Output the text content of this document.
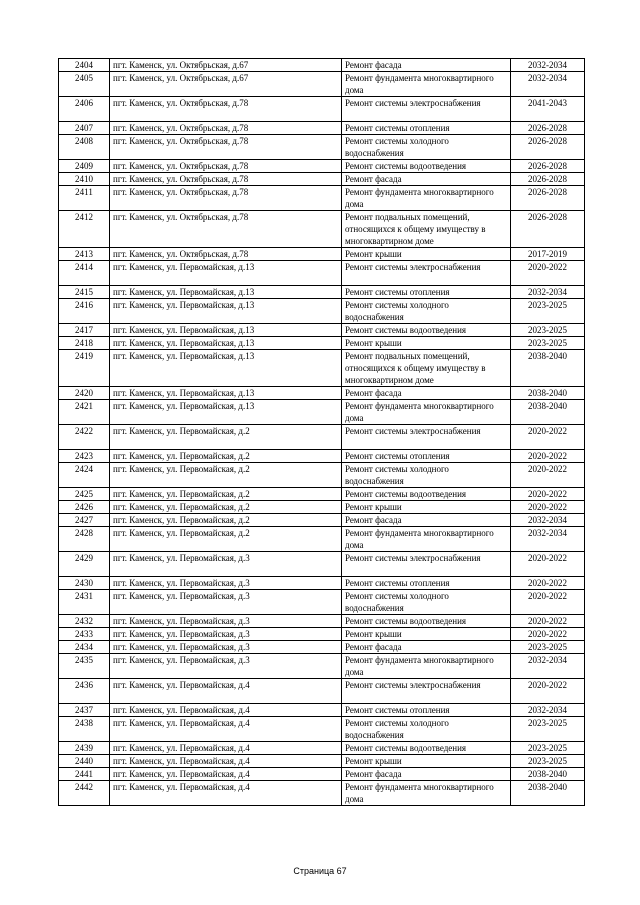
2404	пгт. Каменск, ул. Октябрьская, д.67	Ремонт фасада	2032-2034
2405	пгт. Каменск, ул. Октябрьская, д.67	Ремонт фундамента многоквартирного дома	2032-2034
2406	пгт. Каменск, ул. Октябрьская, д.78	Ремонт системы электроснабжения	2041-2043
2407	пгт. Каменск, ул. Октябрьская, д.78	Ремонт системы отопления	2026-2028
2408	пгт. Каменск, ул. Октябрьская, д.78	Ремонт системы холодного водоснабжения	2026-2028
2409	пгт. Каменск, ул. Октябрьская, д.78	Ремонт системы водоотведения	2026-2028
2410	пгт. Каменск, ул. Октябрьская, д.78	Ремонт фасада	2026-2028
2411	пгт. Каменск, ул. Октябрьская, д.78	Ремонт фундамента многоквартирного дома	2026-2028
2412	пгт. Каменск, ул. Октябрьская, д.78	Ремонт подвальных помещений, относящихся к общему имуществу в многоквартирном доме	2026-2028
2413	пгт. Каменск, ул. Октябрьская, д.78	Ремонт крыши	2017-2019
2414	пгт. Каменск, ул. Первомайская, д.13	Ремонт системы электроснабжения	2020-2022
2415	пгт. Каменск, ул. Первомайская, д.13	Ремонт системы отопления	2032-2034
2416	пгт. Каменск, ул. Первомайская, д.13	Ремонт системы холодного водоснабжения	2023-2025
2417	пгт. Каменск, ул. Первомайская, д.13	Ремонт системы водоотведения	2023-2025
2418	пгт. Каменск, ул. Первомайская, д.13	Ремонт крыши	2023-2025
2419	пгт. Каменск, ул. Первомайская, д.13	Ремонт подвальных помещений, относящихся к общему имуществу в многоквартирном доме	2038-2040
2420	пгт. Каменск, ул. Первомайская, д.13	Ремонт фасада	2038-2040
2421	пгт. Каменск, ул. Первомайская, д.13	Ремонт фундамента многоквартирного дома	2038-2040
2422	пгт. Каменск, ул. Первомайская, д.2	Ремонт системы электроснабжения	2020-2022
2423	пгт. Каменск, ул. Первомайская, д.2	Ремонт системы отопления	2020-2022
2424	пгт. Каменск, ул. Первомайская, д.2	Ремонт системы холодного водоснабжения	2020-2022
2425	пгт. Каменск, ул. Первомайская, д.2	Ремонт системы водоотведения	2020-2022
2426	пгт. Каменск, ул. Первомайская, д.2	Ремонт крыши	2020-2022
2427	пгт. Каменск, ул. Первомайская, д.2	Ремонт фасада	2032-2034
2428	пгт. Каменск, ул. Первомайская, д.2	Ремонт фундамента многоквартирного дома	2032-2034
2429	пгт. Каменск, ул. Первомайская, д.3	Ремонт системы электроснабжения	2020-2022
2430	пгт. Каменск, ул. Первомайская, д.3	Ремонт системы отопления	2020-2022
2431	пгт. Каменск, ул. Первомайская, д.3	Ремонт системы холодного водоснабжения	2020-2022
2432	пгт. Каменск, ул. Первомайская, д.3	Ремонт системы водоотведения	2020-2022
2433	пгт. Каменск, ул. Первомайская, д.3	Ремонт крыши	2020-2022
2434	пгт. Каменск, ул. Первомайская, д.3	Ремонт фасада	2023-2025
2435	пгт. Каменск, ул. Первомайская, д.3	Ремонт фундамента многоквартирного дома	2032-2034
2436	пгт. Каменск, ул. Первомайская, д.4	Ремонт системы электроснабжения	2020-2022
2437	пгт. Каменск, ул. Первомайская, д.4	Ремонт системы отопления	2032-2034
2438	пгт. Каменск, ул. Первомайская, д.4	Ремонт системы холодного водоснабжения	2023-2025
2439	пгт. Каменск, ул. Первомайская, д.4	Ремонт системы водоотведения	2023-2025
2440	пгт. Каменск, ул. Первомайская, д.4	Ремонт крыши	2023-2025
2441	пгт. Каменск, ул. Первомайская, д.4	Ремонт фасада	2038-2040
2442	пгт. Каменск, ул. Первомайская, д.4	Ремонт фундамента многоквартирного дома	2038-2040
Страница 67
